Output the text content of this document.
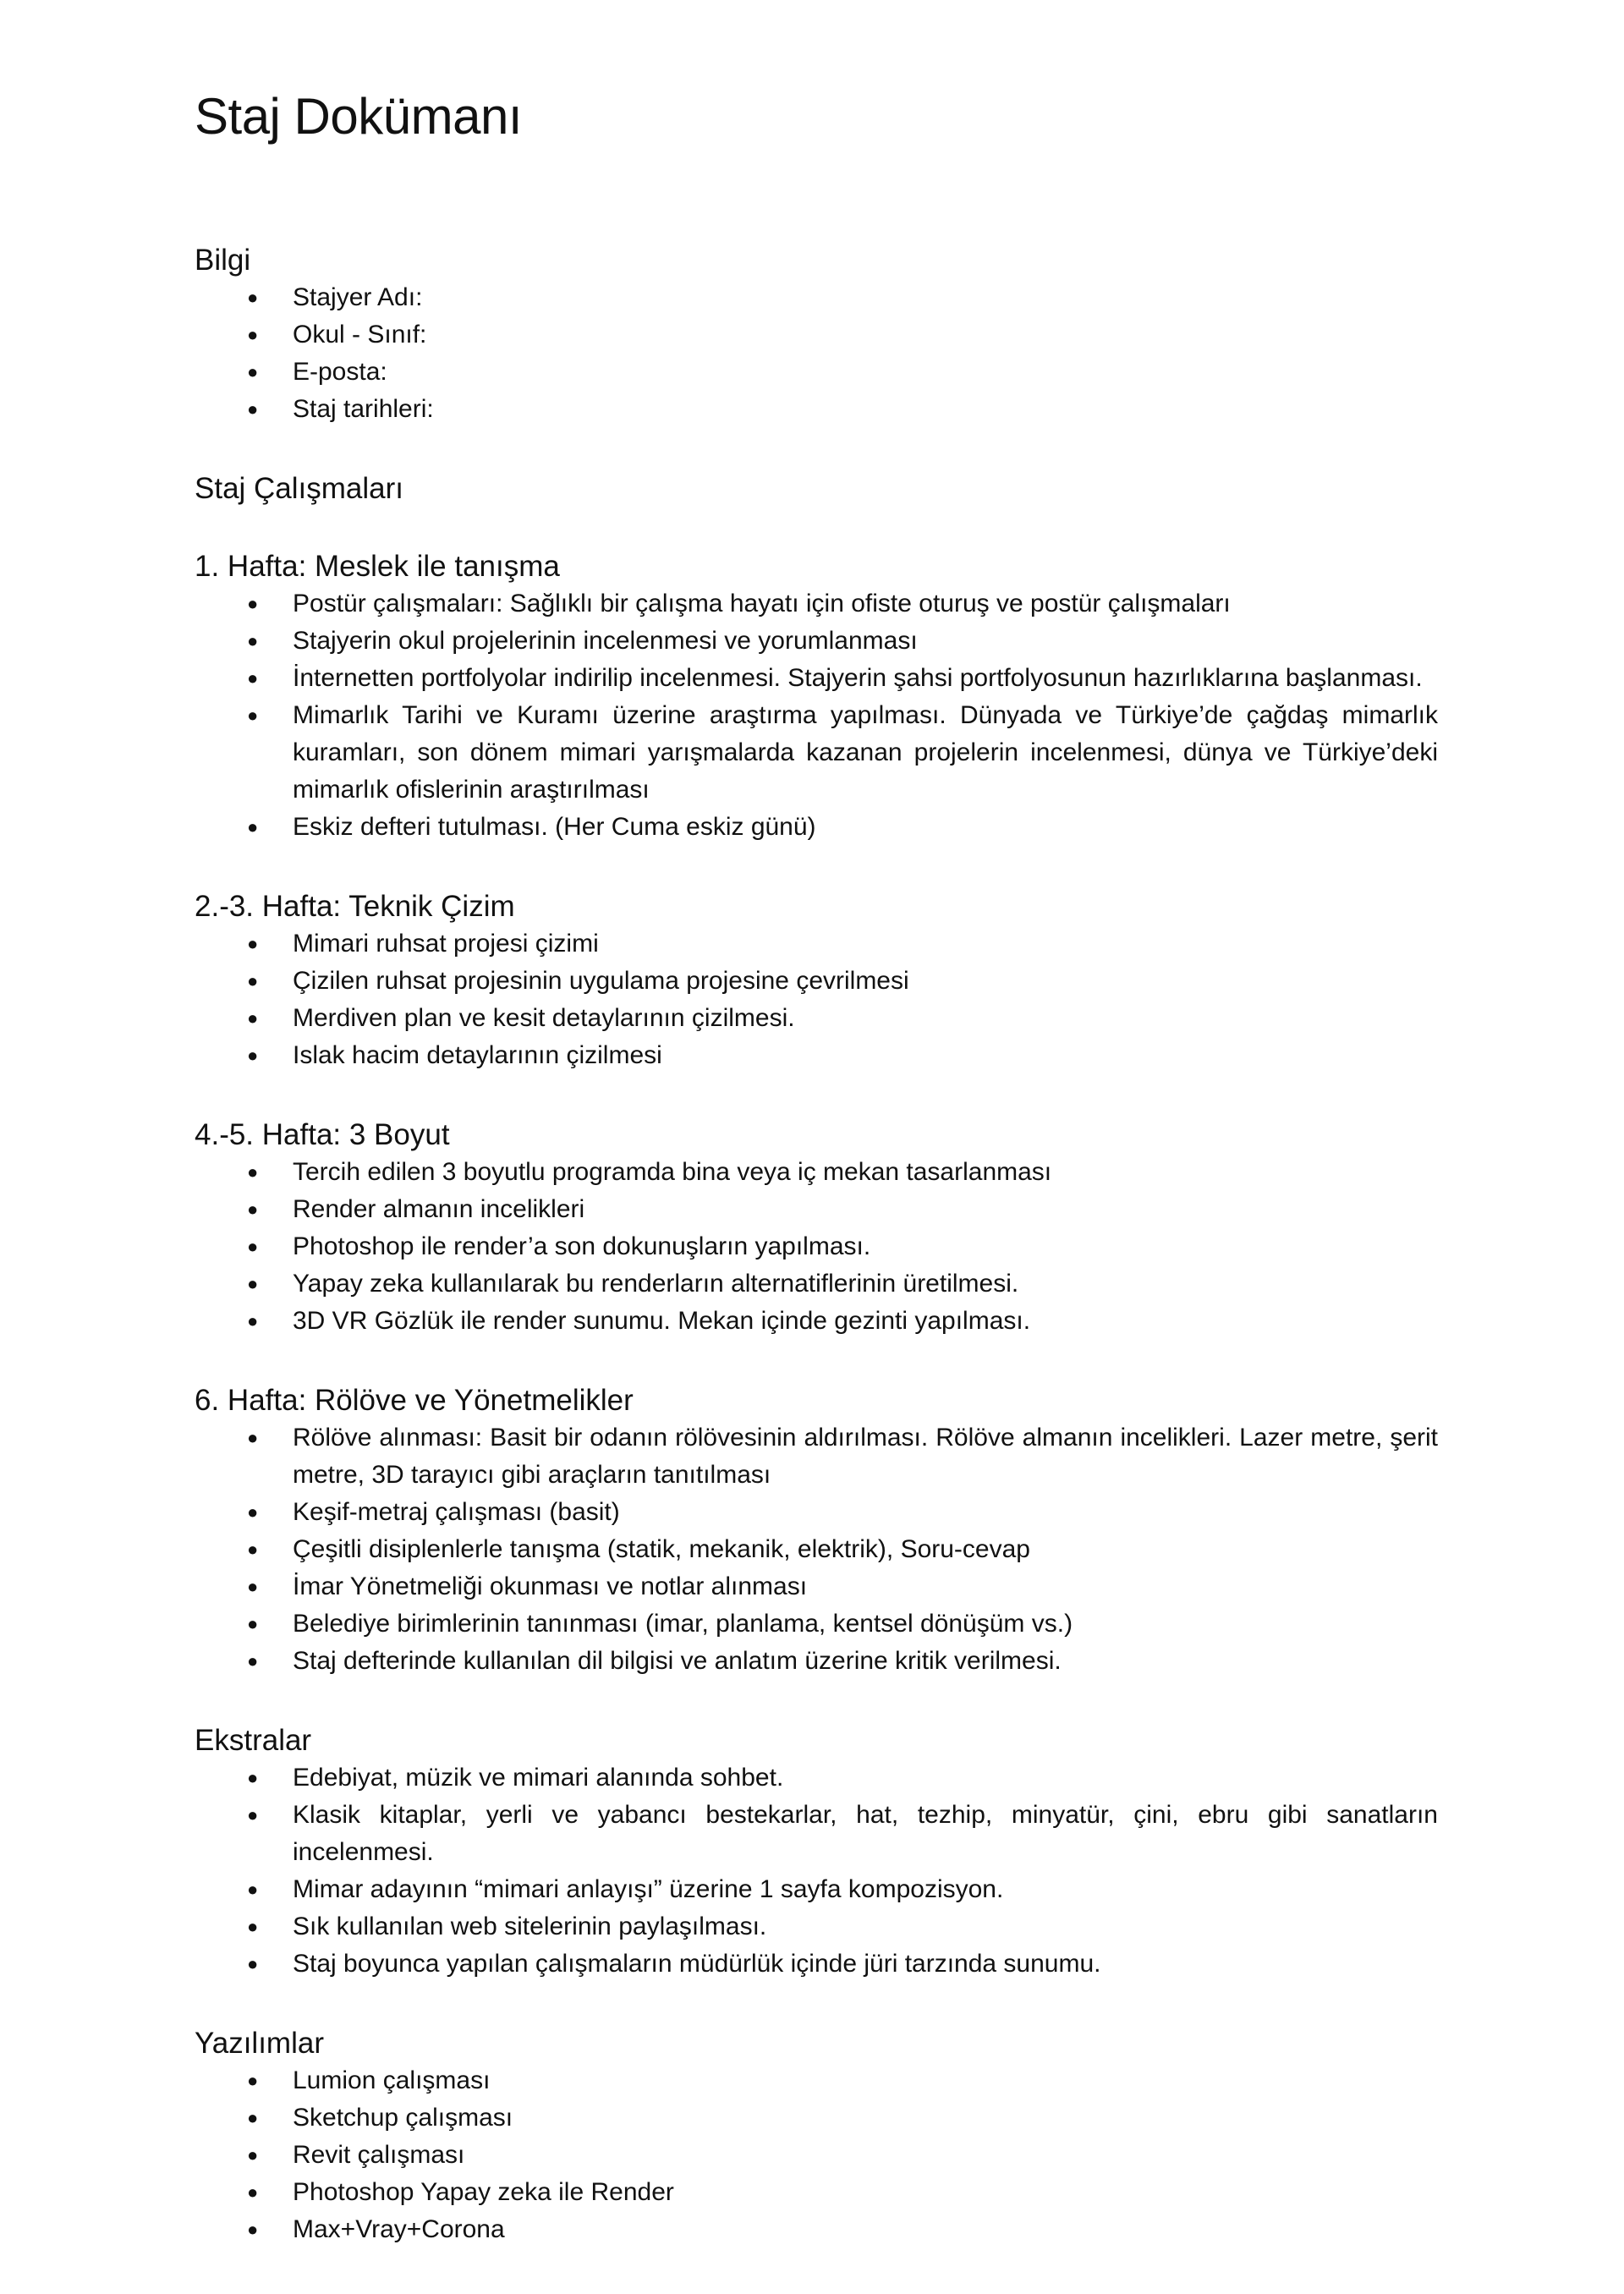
Staj Dokümanı
Bilgi
● Stajyer Adı:
● Okul - Sınıf:
● E-posta:
● Staj tarihleri:
Staj Çalışmaları
1. Hafta: Meslek ile tanışma
● Postür çalışmaları: Sağlıklı bir çalışma hayatı için ofiste oturuş ve postür çalışmaları
● Stajyerin okul projelerinin incelenmesi ve yorumlanması
● İnternetten portfolyolar indirilip incelenmesi. Stajyerin şahsi portfolyosunun hazırlıklarına başlanması.
● Mimarlık Tarihi ve Kuramı üzerine araştırma yapılması. Dünyada ve Türkiye’de çağdaş mimarlık kuramları, son dönem mimari yarışmalarda kazanan projelerin incelenmesi, dünya ve Türkiye’deki mimarlık ofislerinin araştırılması
● Eskiz defteri tutulması. (Her Cuma eskiz günü)
2.-3. Hafta: Teknik Çizim
● Mimari ruhsat projesi çizimi
● Çizilen ruhsat projesinin uygulama projesine çevrilmesi
● Merdiven plan ve kesit detaylarının çizilmesi.
● Islak hacim detaylarının çizilmesi
4.-5. Hafta: 3 Boyut
● Tercih edilen 3 boyutlu programda bina veya iç mekan tasarlanması
● Render almanın incelikleri
● Photoshop ile render’a son dokunuşların yapılması.
● Yapay zeka kullanılarak bu renderların alternatiflerinin üretilmesi.
● 3D VR Gözlük ile render sunumu. Mekan içinde gezinti yapılması.
6. Hafta: Rölöve ve Yönetmelikler
● Rölöve alınması: Basit bir odanın rölövesinin aldırılması. Rölöve almanın incelikleri. Lazer metre, şerit metre, 3D tarayıcı gibi araçların tanıtılması
● Keşif-metraj çalışması (basit)
● Çeşitli disiplenlerle tanışma (statik, mekanik, elektrik), Soru-cevap
● İmar Yönetmeliği okunması ve notlar alınması
● Belediye birimlerinin tanınması (imar, planlama, kentsel dönüşüm vs.)
● Staj defterinde kullanılan dil bilgisi ve anlatım üzerine kritik verilmesi.
Ekstralar
● Edebiyat, müzik ve mimari alanında sohbet.
● Klasik kitaplar, yerli ve yabancı bestekarlar, hat, tezhip, minyatür, çini, ebru gibi sanatların incelenmesi.
● Mimar adayının “mimari anlayışı” üzerine 1 sayfa kompozisyon.
● Sık kullanılan web sitelerinin paylaşılması.
● Staj boyunca yapılan çalışmaların müdürlük içinde jüri tarzında sunumu.
Yazılımlar
● Lumion çalışması
● Sketchup çalışması
● Revit çalışması
● Photoshop Yapay zeka ile Render
● Max+Vray+Corona
